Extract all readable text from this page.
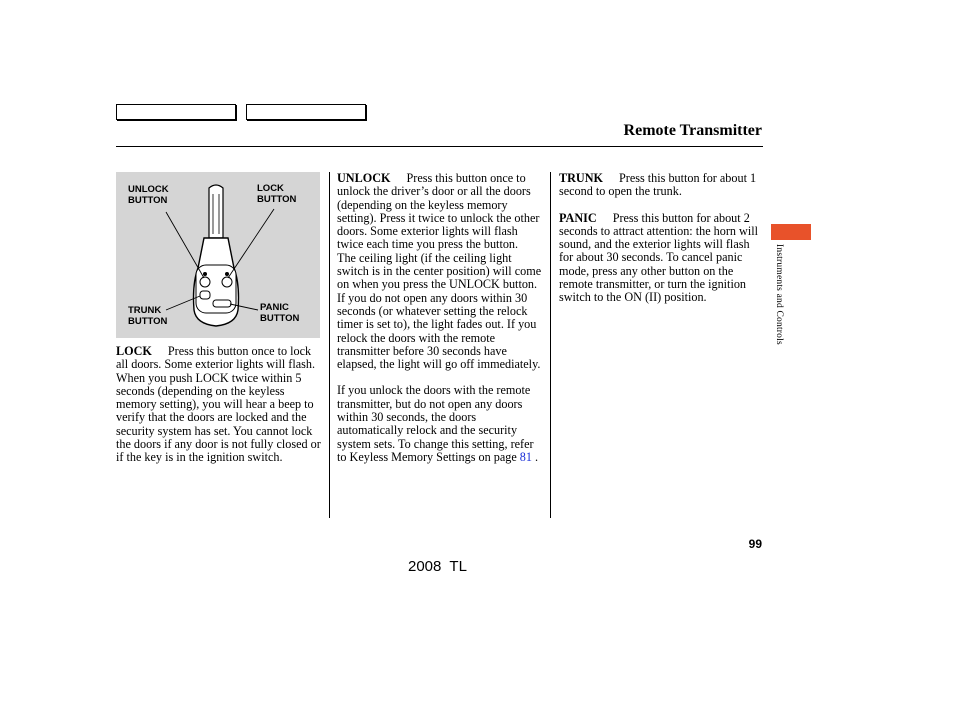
Remote Transmitter
UNLOCK
BUTTON
LOCK
BUTTON
TRUNK
BUTTON
PANIC
BUTTON

LOCK Press this button once to lock all doors. Some exterior lights will flash. When you push LOCK twice within 5 seconds (depending on the keyless memory setting), you will hear a beep to verify that the doors are locked and the security system has set. You cannot lock the doors if any door is not fully closed or if the key is in the ignition switch.

UNLOCK Press this button once to unlock the driver’s door or all the doors (depending on the keyless memory setting). Press it twice to unlock the other doors. Some exterior lights will flash twice each time you press the button.

The ceiling light (if the ceiling light switch is in the center position) will come on when you press the UNLOCK button. If you do not open any doors within 30 seconds (or whatever setting the relock timer is set to), the light fades out. If you relock the doors with the remote transmitter before 30 seconds have elapsed, the light will go off immediately.

If you unlock the doors with the remote transmitter, but do not open any doors within 30 seconds, the doors automatically relock and the security system sets. To change this setting, refer to Keyless Memory Settings on page 81 .

TRUNK Press this button for about 1 second to open the trunk.

PANIC Press this button for about 2 seconds to attract attention: the horn will sound, and the exterior lights will flash for about 30 seconds. To cancel panic mode, press any other button on the remote transmitter, or turn the ignition switch to the ON (II) position.	Instruments and Controls
99
2008  TL
